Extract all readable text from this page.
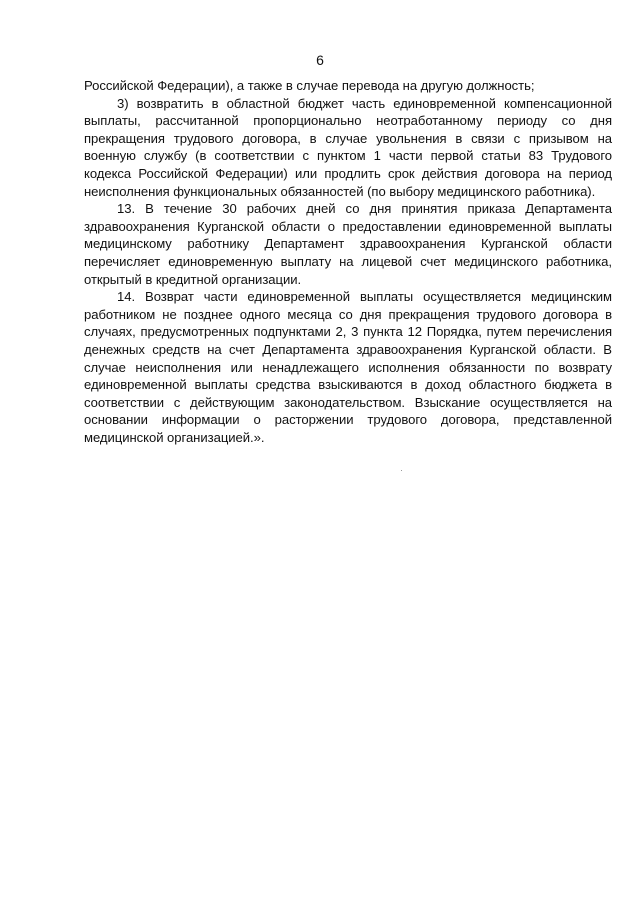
6

Российской Федерации), а также в случае перевода на другую должность;

3) возвратить в областной бюджет часть единовременной компенсационной выплаты, рассчитанной пропорционально неотработанному периоду со дня прекращения трудового договора, в случае увольнения в связи с призывом на военную службу (в соответствии с пунктом 1 части первой статьи 83 Трудового кодекса Российской Федерации) или продлить срок действия договора на период неисполнения функциональных обязанностей (по выбору медицинского работника).

13. В течение 30 рабочих дней со дня принятия приказа Департамента здравоохранения Курганской области о предоставлении единовременной выплаты медицинскому работнику Департамент здравоохранения Курганской области перечисляет единовременную выплату на лицевой счет медицинского работника, открытый в кредитной организации.

14. Возврат части единовременной выплаты осуществляется медицинским работником не позднее одного месяца со дня прекращения трудового договора в случаях, предусмотренных подпунктами 2, 3 пункта 12 Порядка, путем перечисления денежных средств на счет Департамента здравоохранения Курганской области. В случае неисполнения или ненадлежащего исполнения обязанности по возврату единовременной выплаты средства взыскиваются в доход областного бюджета в соответствии с действующим законодательством. Взыскание осуществляется на основании информации о расторжении трудового договора, представленной медицинской организацией.».
